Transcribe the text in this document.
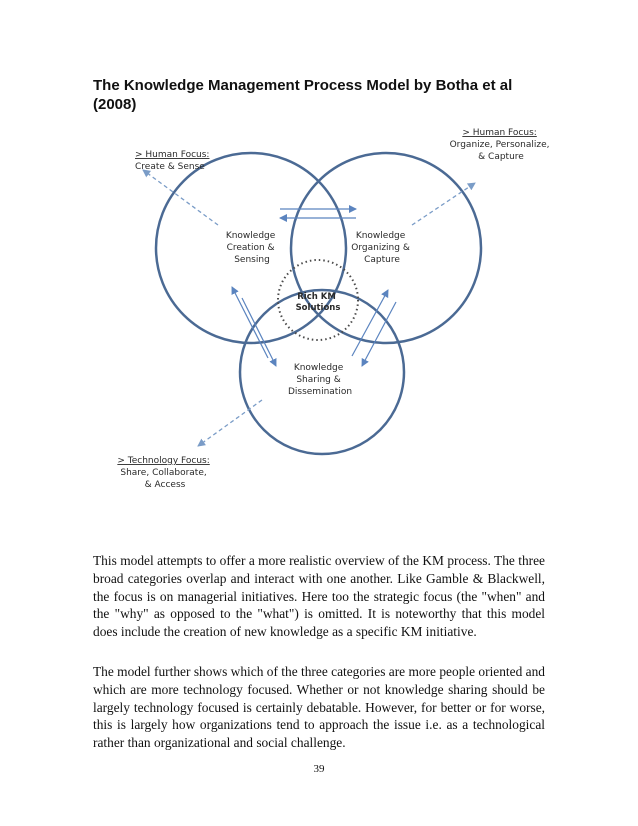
The Knowledge Management Process Model by Botha et al (2008)
Knowledge Creation & Sensing
Knowledge Organizing & Capture
Knowledge Sharing & Dissemination
Rich KM Solutions
> Human Focus: Create & Sense
> Human Focus: Organize, Personalize, & Capture
> Technology Focus: Share, Collaborate, & Access

This model attempts to offer a more realistic overview of the KM process. The three broad categories overlap and interact with one another. Like Gamble & Blackwell, the focus is on managerial initiatives. Here too the strategic focus (the "when" and the "why" as opposed to the "what") is omitted. It is noteworthy that this model does include the creation of new knowledge as a specific KM initiative.

The model further shows which of the three categories are more people oriented and which are more technology focused. Whether or not knowledge sharing should be largely technology focused is certainly debatable. However, for better or for worse, this is largely how organizations tend to approach the issue i.e. as a technological rather than organizational and social challenge.

39
